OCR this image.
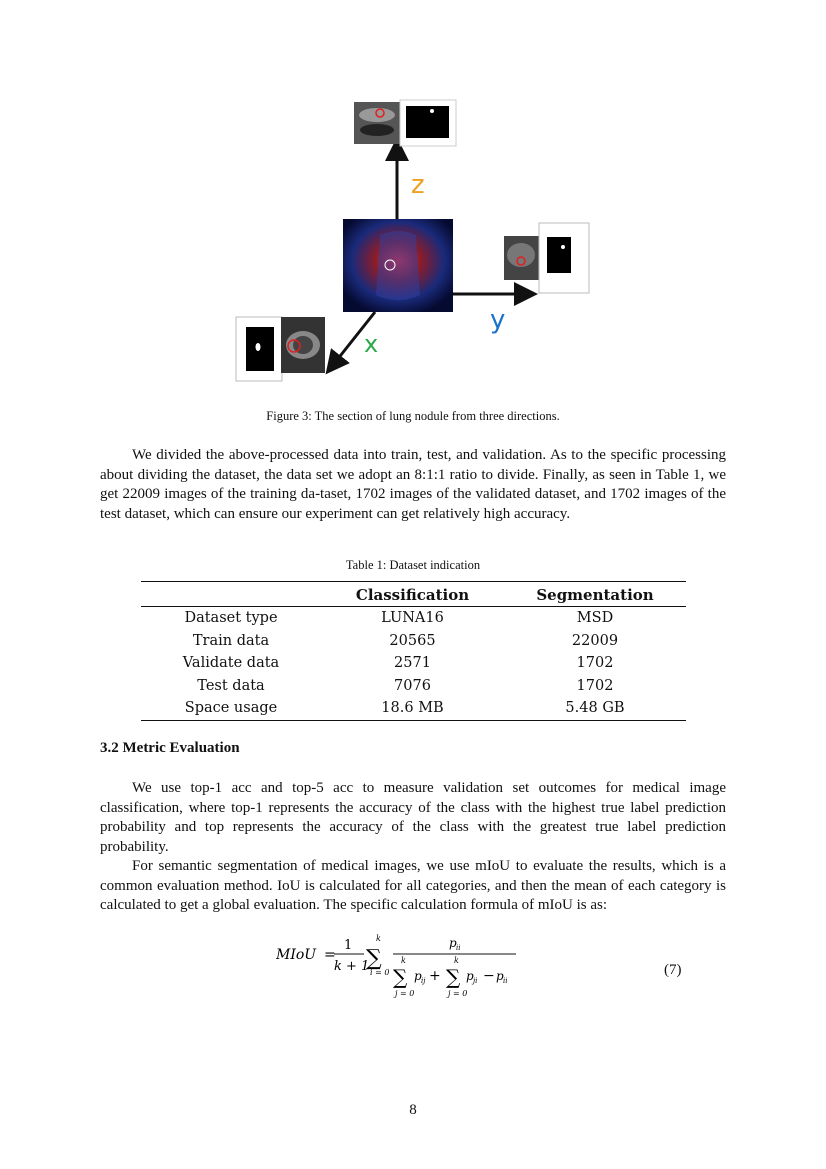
z
y
x
Figure 3: The section of lung nodule from three directions.

We divided the above-processed data into train, test, and validation. As to the specific processing about dividing the dataset, the data set we adopt an 8:1:1 ratio to divide. Finally, as seen in Table 1, we get 22009 images of the training da-taset, 1702 images of the validated dataset, and 1702 images of the test dataset, which can ensure our experiment can get relatively high accuracy.

Table 1: Dataset indication
	Classification	Segmentation
Dataset type	LUNA16	MSD
Train data	20565	22009
Validate data	2571	1702
Test data	7076	1702
Space usage	18.6 MB	5.48 GB
3.2 Metric Evaluation

We use top-1 acc and top-5 acc to measure validation set outcomes for medical image classification, where top-1 represents the accuracy of the class with the highest true label prediction probability and top represents the accuracy of the class with the greatest true label prediction probability.

For semantic segmentation of medical images, we use mIoU to evaluate the results, which is a common evaluation method. IoU is calculated for all categories, and then the mean of each category is calculated to get a global evaluation. The specific calculation formula of mIoU is as:

MIoU =
1
k + 1
k
∑
i = 0
p ii
k
∑
j = 0
p ij +
k
∑
j = 0
p ji − p ii
(7)
8
